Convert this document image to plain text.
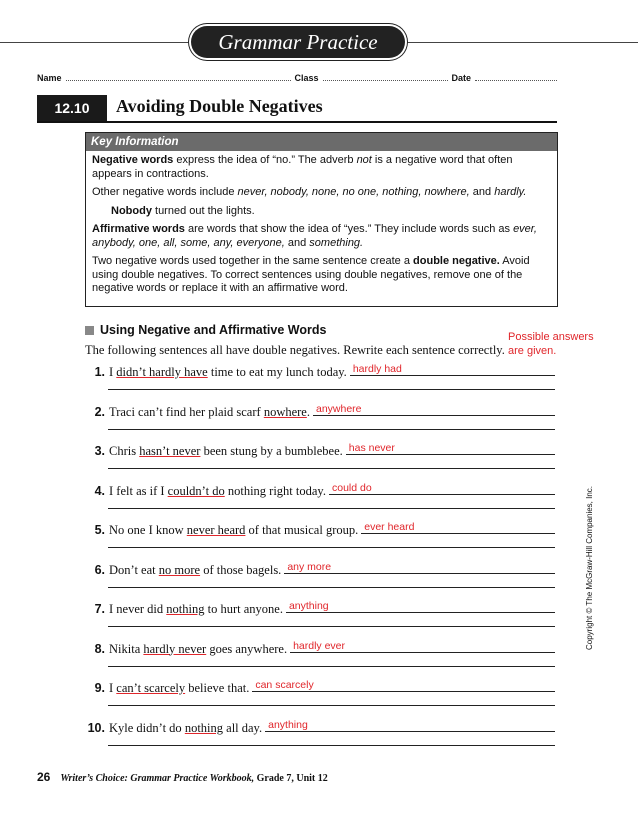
Grammar Practice
Name	Class	Date
12.10	Avoiding Double Negatives
Key Information

Negative words express the idea of “no.” The adverb not is a negative word that often appears in contractions.

Other negative words include never, nobody, none, no one, nothing, nowhere, and hardly.

Nobody turned out the lights.

Affirmative words are words that show the idea of “yes.” They include words such as ever, anybody, one, all, some, any, everyone, and something.

Two negative words used together in the same sentence create a double negative. Avoid using double negatives. To correct sentences using double negatives, remove one of the negative words or replace it with an affirmative word.

Using Negative and Affirmative Words	Possible answers
are given.
The following sentences all have double negatives. Rewrite each sentence correctly.
1. I didn’t hardly have time to eat my lunch today. hardly had
2. Traci can’t find her plaid scarf nowhere. anywhere
3. Chris hasn’t never been stung by a bumblebee. has never
4. I felt as if I couldn’t do nothing right today. could do
5. No one I know never heard of that musical group. ever heard
6. Don’t eat no more of those bagels. any more
7. I never did nothing to hurt anyone. anything
8. Nikita hardly never goes anywhere. hardly ever
9. I can’t scarcely believe that. can scarcely
10. Kyle didn’t do nothing all day. anything
Copyright © The McGraw-Hill Companies, Inc.
26 Writer’s Choice: Grammar Practice Workbook, Grade 7, Unit 12
